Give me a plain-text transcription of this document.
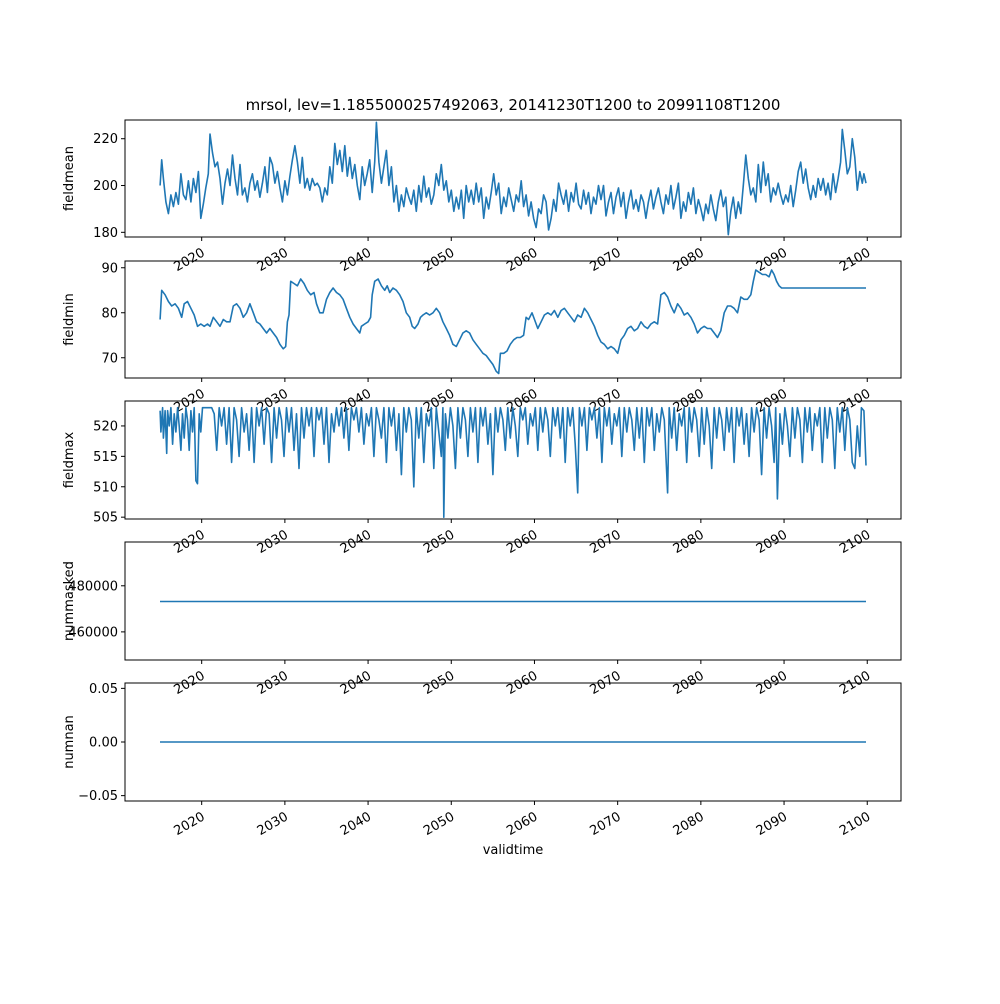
mrsol, lev=1.1855000257492063, 20141230T1200 to 20991108T1200
180
200
220
fieldmean
2020	2030	2040	2050	2060	2070	2080	2090	2100
70
80
90
fieldmin
2020	2030	2040	2050	2060	2070	2080	2090	2100
505
510
515
520
fieldmax
2020	2030	2040	2050	2060	2070	2080	2090	2100
460000
480000
nummasked
2020	2030	2040	2050	2060	2070	2080	2090	2100
−0.05
0.00
0.05
numnan
2020	2030	2040	2050	2060	2070	2080	2090	2100
validtime
